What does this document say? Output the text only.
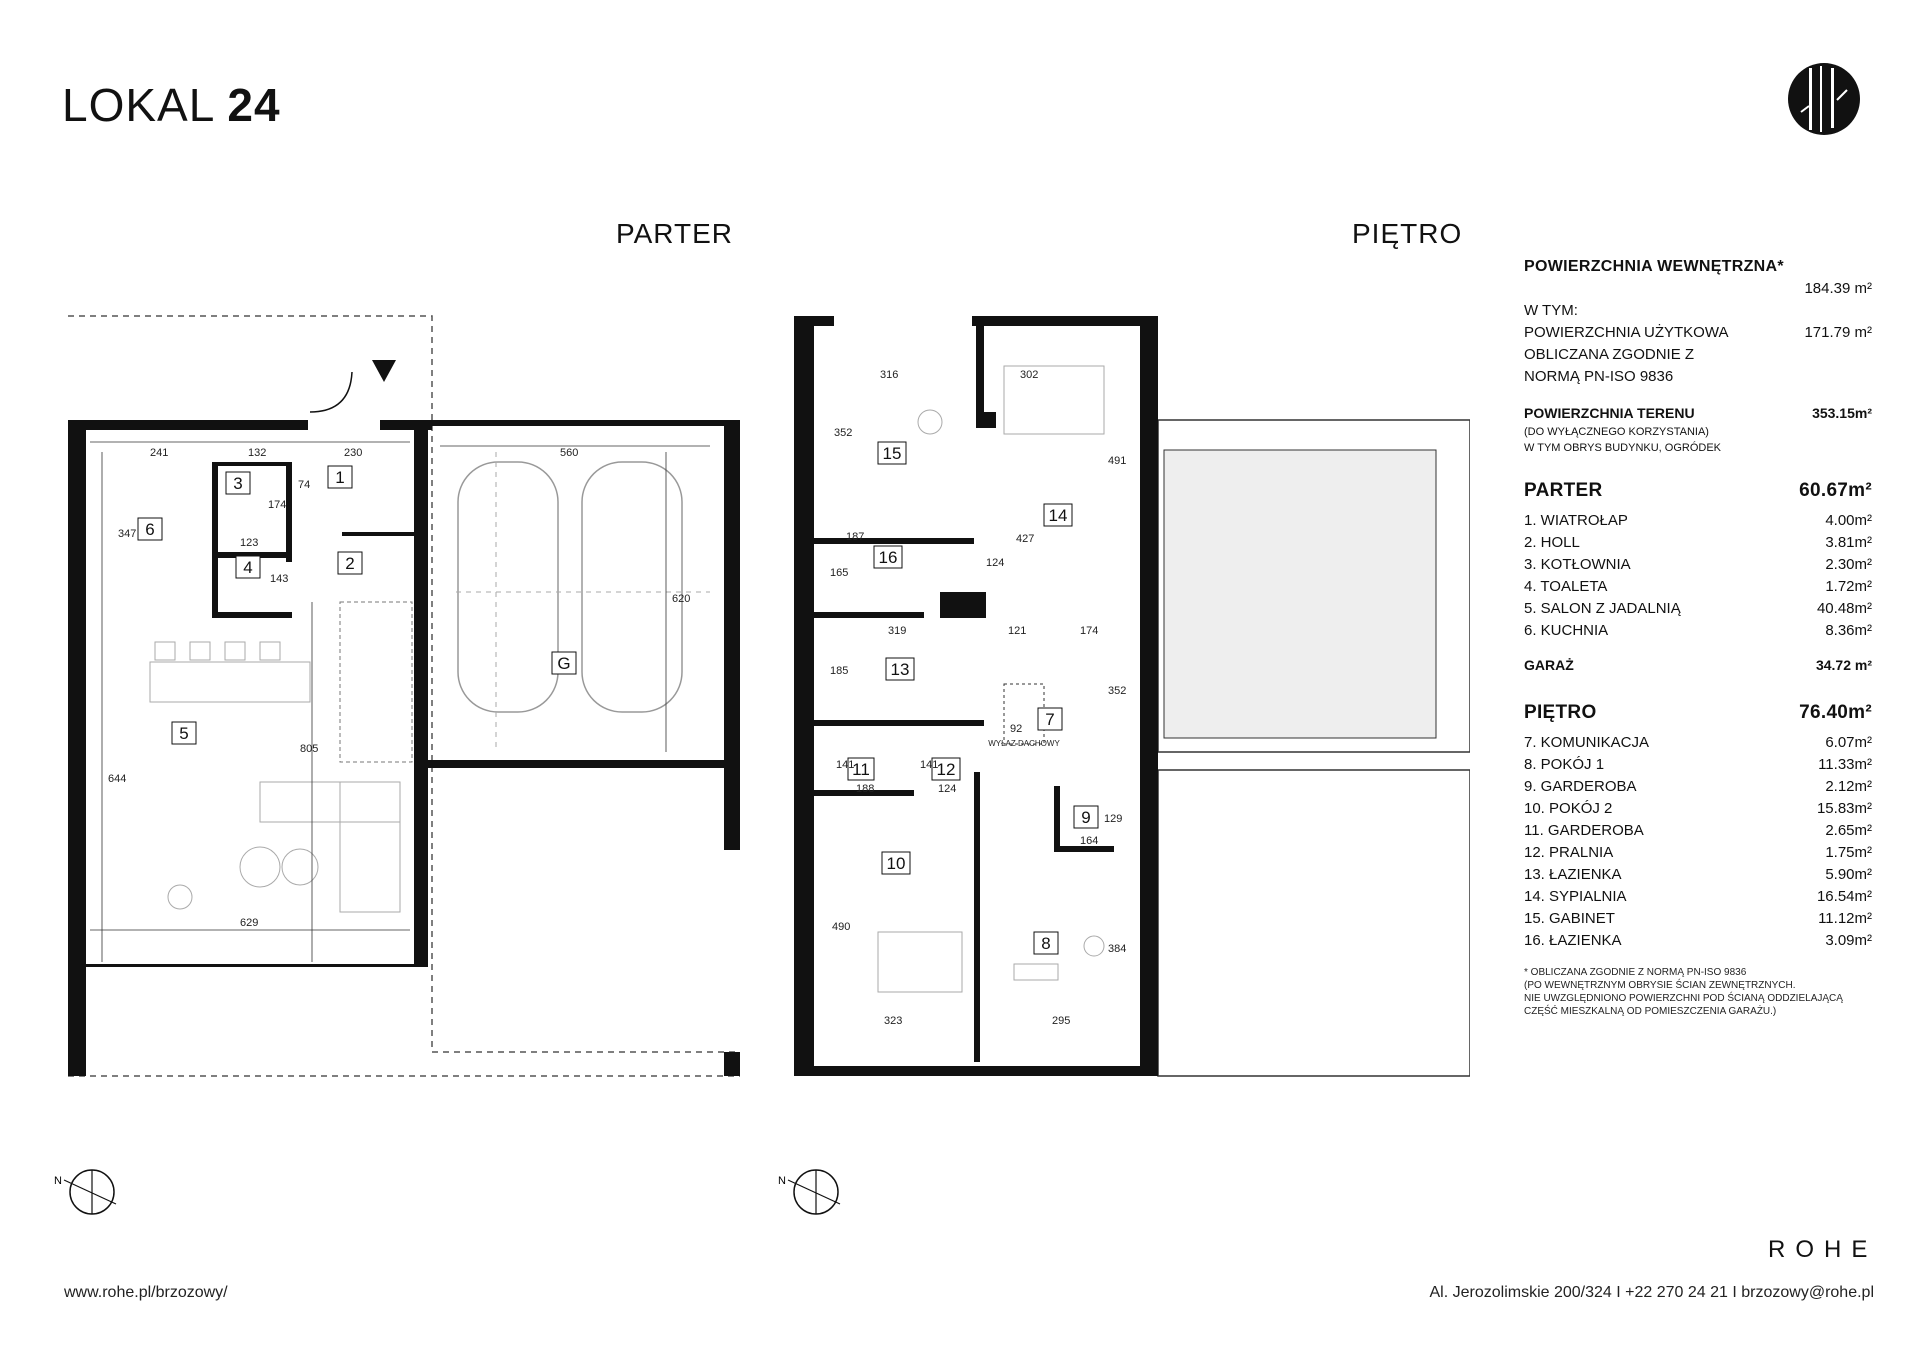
LOKAL 24
PARTER	PIĘTRO
1
2
3
4
5
6
G
241	132	230	560
174
74
347
123
143
805
644
629
620
WYŁAZ DACHOWY
92 7
8
9
10
11	12
13
14
15
16
316	302
352
491
187	427
165
124
319	121	174
185
352
141
188
141
124
129
164
490
384
323	295
POWIERZCHNIA WEWNĘTRZNA*
184.39 m²
W TYM:
POWIERZCHNIA UŻYTKOWA	171.79 m²
OBLICZANA ZGODNIE Z
NORMĄ PN-ISO 9836
POWIERZCHNIA TERENU	353.15m²
(DO WYŁĄCZNEGO KORZYSTANIA)
W TYM OBRYS BUDYNKU, OGRÓDEK
PARTER	60.67m²
1. WIATROŁAP	4.00m²
2. HOLL	3.81m²
3. KOTŁOWNIA	2.30m²
4. TOALETA	1.72m²
5. SALON Z JADALNIĄ	40.48m²
6. KUCHNIA	8.36m²
GARAŻ	34.72 m²
PIĘTRO	76.40m²
7. KOMUNIKACJA	6.07m²
8. POKÓJ 1	11.33m²
9. GARDEROBA	2.12m²
10. POKÓJ 2	15.83m²
11. GARDEROBA	2.65m²
12. PRALNIA	1.75m²
13. ŁAZIENKA	5.90m²
14. SYPIALNIA	16.54m²
15. GABINET	11.12m²
16. ŁAZIENKA	3.09m²
* OBLICZANA ZGODNIE Z NORMĄ PN-ISO 9836
(PO WEWNĘTRZNYM OBRYSIE ŚCIAN ZEWNĘTRZNYCH.
NIE UWZGLĘDNIONO POWIERZCHNI POD ŚCIANĄ ODDZIELAJĄCĄ
CZĘŚĆ MIESZKALNĄ OD POMIESZCZENIA GARAŻU.)
N	N
ROHE
www.rohe.pl/brzozowy/	Al. Jerozolimskie 200/324 I +22 270 24 21 I brzozowy@rohe.pl
